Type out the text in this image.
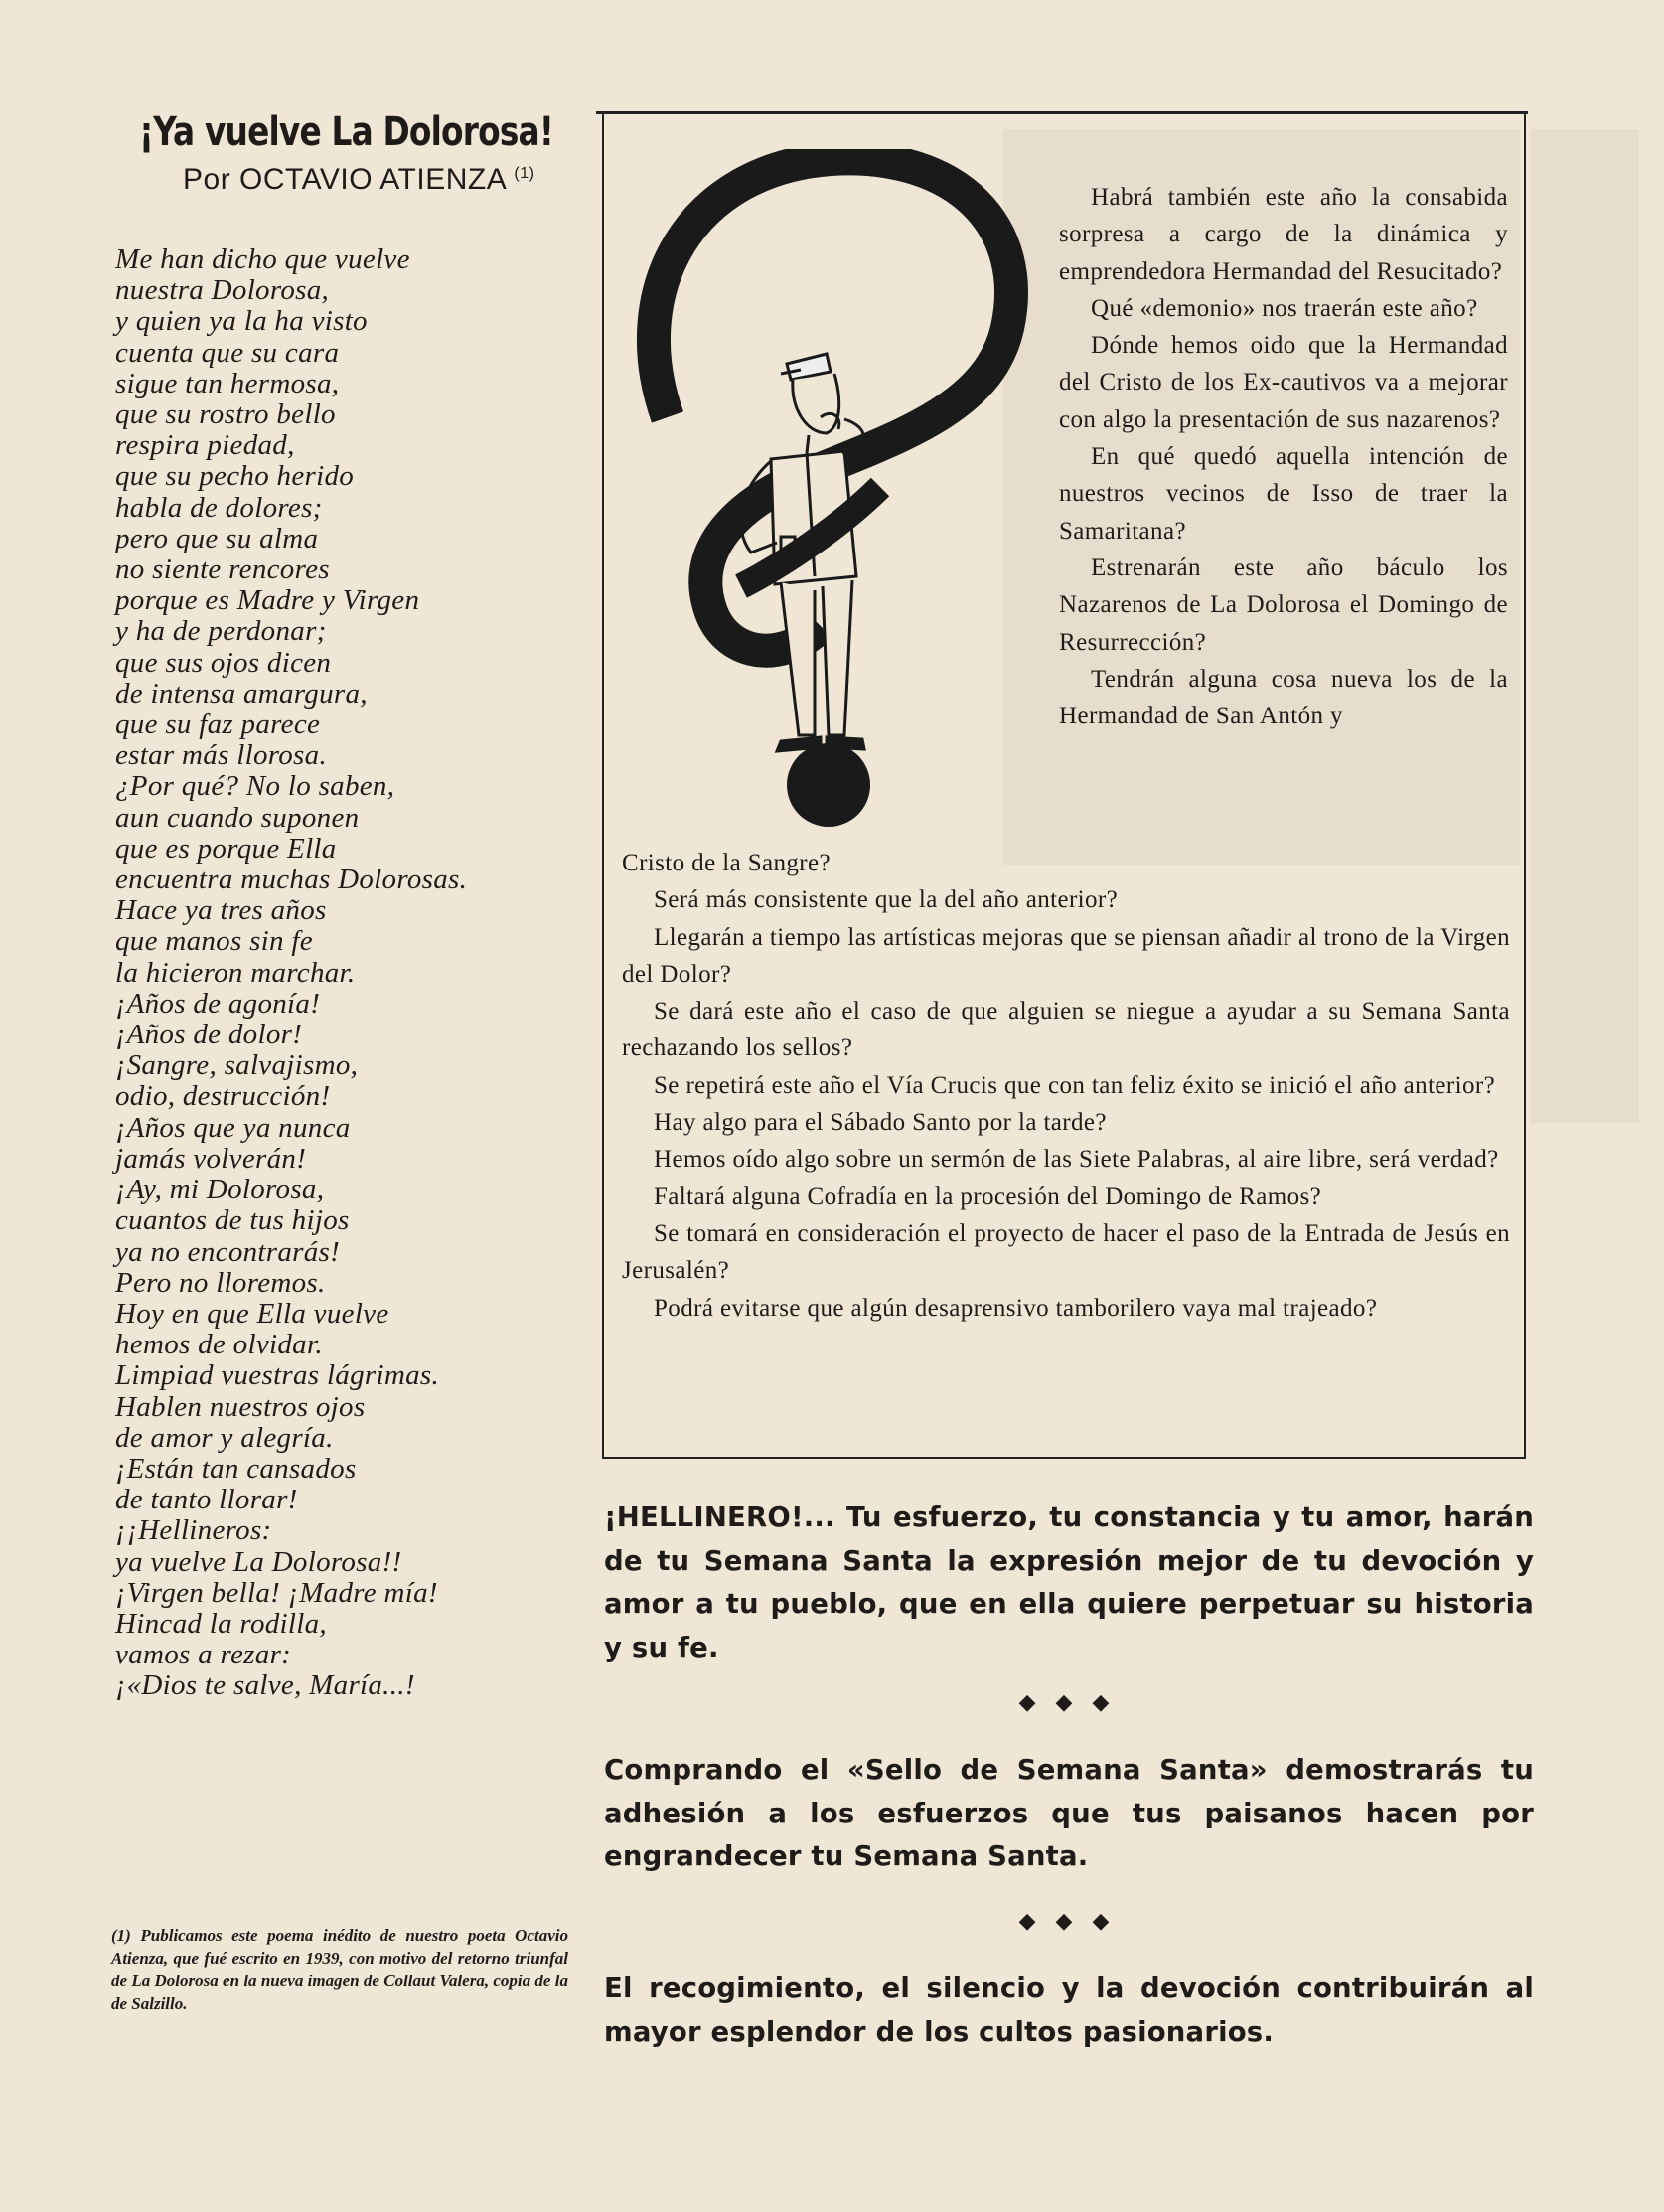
¡Ya vuelve La Dolorosa!
Por OCTAVIO ATIENZA $^{(1)}$
Me han dicho que vuelve
nuestra Dolorosa,
y quien ya la ha visto
cuenta que su cara
sigue tan hermosa,
que su rostro bello
respira piedad,
que su pecho herido
habla de dolores;
pero que su alma
no siente rencores
porque es Madre y Virgen
y ha de perdonar;
que sus ojos dicen
de intensa amargura,
que su faz parece
estar más llorosa.
¿Por qué? No lo saben,
aun cuando suponen
que es porque Ella
encuentra muchas Dolorosas.
Hace ya tres años
que manos sin fe
la hicieron marchar.
¡Años de agonía!
¡Años de dolor!
¡Sangre, salvajismo,
odio, destrucción!
¡Años que ya nunca
jamás volverán!
¡Ay, mi Dolorosa,
cuantos de tus hijos
ya no encontrarás!
Pero no lloremos.
Hoy en que Ella vuelve
hemos de olvidar.
Limpiad vuestras lágrimas.
Hablen nuestros ojos
de amor y alegría.
¡Están tan cansados
de tanto llorar!
¡¡Hellineros:
ya vuelve La Dolorosa!!
¡Virgen bella! ¡Madre mía!
Hincad la rodilla,
vamos a rezar:
¡«Dios te salve, María...!
(1) Publicamos este poema inédito de nuestro poeta Octavio Atienza, que fué escrito en 1939, con motivo del retorno triunfal de La Dolorosa en la nueva imagen de Collaut Valera, copia de la de Salzillo.

Habrá también este año la consabida sorpresa a cargo de la dinámica y emprendedora Hermandad del Resucitado?

Qué «demonio» nos traerán este año?

Dónde hemos oido que la Hermandad del Cristo de los Ex-cautivos va a mejorar con algo la presentación de sus nazarenos?

En qué quedó aquella intención de nuestros vecinos de Isso de traer la Samaritana?

Estrenarán este año báculo los Nazarenos de La Dolorosa el Domingo de Resurrección?

Tendrán alguna cosa nueva los de la Hermandad de San Antón y

Cristo de la Sangre?

Será más consistente que la del año anterior?

Llegarán a tiempo las artísticas mejoras que se piensan añadir al trono de la Virgen del Dolor?

Se dará este año el caso de que alguien se niegue a ayudar a su Semana Santa rechazando los sellos?

Se repetirá este año el Vía Crucis que con tan feliz éxito se inició el año anterior?

Hay algo para el Sábado Santo por la tarde?

Hemos oído algo sobre un sermón de las Siete Palabras, al aire libre, será verdad?

Faltará alguna Cofradía en la procesión del Domingo de Ramos?

Se tomará en consideración el proyecto de hacer el paso de la Entrada de Jesús en Jerusalén?

Podrá evitarse que algún desaprensivo tamborilero vaya mal trajeado?

¡HELLINERO!... Tu esfuerzo, tu constancia y tu amor, harán de tu Semana Santa la expresión mejor de tu devoción y amor a tu pueblo, que en ella quiere perpetuar su historia y su fe.
◆◆◆
Comprando el «Sello de Semana Santa» demostrarás tu adhesión a los esfuerzos que tus paisanos hacen por engrandecer tu Semana Santa.
◆◆◆
El recogimiento, el silencio y la devoción contribuirán al mayor esplendor de los cultos pasionarios.
